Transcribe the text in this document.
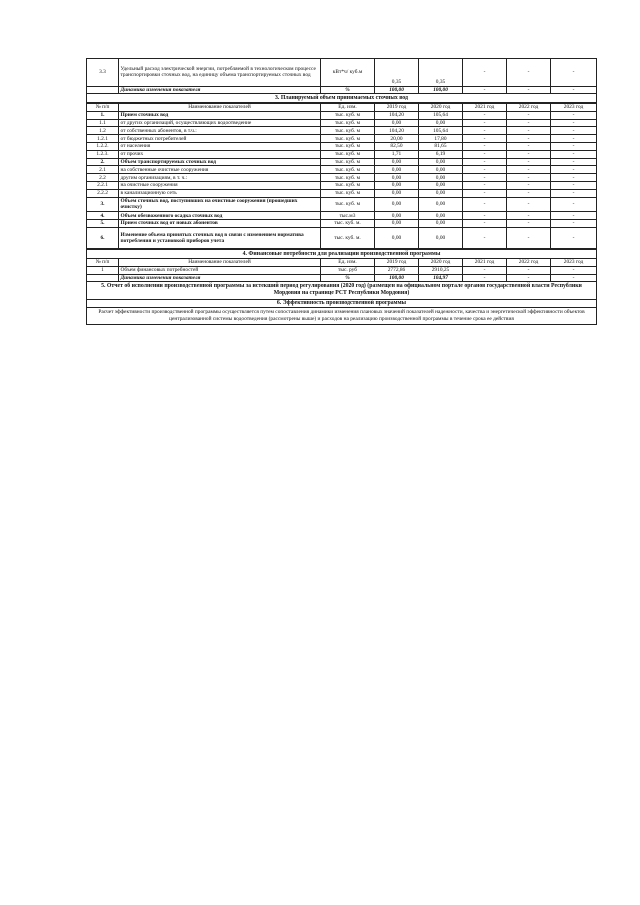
3.3	Удельный расход электрической энергии, потребляемой в технологическом процессе транспортировки сточных вод, на единицу объема транспортируемых сточных вод	кВт*ч/ куб.м	0,35	0,35	-	-	-
	Динамика изменения показателя	%	100,00	100,00	-	-	-
3. Планируемый объем принимаемых сточных вод							
№ п/п	Наименование показателей	Ед. изм.	2019 год	2020 год	2021 год	2022 год	2023 год
1.	Прием сточных вод	тыс. куб. м	104,20	105,64	-	-	-
1.1	от других организаций, осуществляющих водоотведение	тыс. куб. м	0,00	0,00	-	-	-
1.2	от собственных абонентов, в т.ч.:	тыс. куб. м	104,20	105,64	-	-	-
1.2.1	от бюджетных потребителей	тыс. куб. м	20,00	17,80	-	-	-
1.2.2.	от населения	тыс. куб. м	82,50	81,65	-	-	-
1.2.3.	от прочих	тыс. куб. м	1,71	6,19	-	-	-
2.	Объем транспортируемых сточных вод	тыс. куб. м	0,00	0,00	-	-	-
2.1	на собственные очистные сооружения	тыс. куб. м	0,00	0,00	-	-	-
2.2	другим организациям, в т. ч.:	тыс. куб. м	0,00	0,00	-	-	-
2.2.1	на очистные сооружения	тыс. куб. м	0,00	0,00	-	-	-
2.2.2	в канализационную сеть	тыс. куб. м	0,00	0,00	-	-	-
3.	Объем сточных вод, поступивших на очистные сооружения (прошедших очистку)	тыс. куб. м	0,00	0,00	-	-	-
4.	Объем обезвоженного осадка сточных вод	тыс.м3	0,00	0,00	-	-	-
5.	Прием сточных вод от новых абонентов	тыс. куб. м.	0,00	0,00	-	-	-
6.	Изменение объема принятых сточных вод в связи с изменением норматива потребления и установкой приборов учета	тыс. куб. м.	0,00	0,00	-	-	-
4. Финансовые потребности для реализации производственной программы							
№ п/п	Наименование показателей	Ед. изм.	2019 год	2020 год	2021 год	2022 год	2023 год
1	Объем финансовых потребностей	тыс. руб	2772,86	2910,25	-	-	-
	Динамика изменения показателя	%	100,00	104,97	-	-	-
5. Отчет об исполнении производственной программы за истекший период регулирования (2020 год) (размещен на официальном портале органов государственной власти Республики Мордовия на странице РСТ Республики Мордовия)							
6. Эффективность производственной программы							
Расчет эффективности производственной программы осуществляется путем сопоставления динамики изменения плановых значений показателей надежности, качества и энергетической эффективности объектов централизованной системы водоотведения (рассмотрены выше) и расходов на реализацию производственной программы в течение срока ее действия							
